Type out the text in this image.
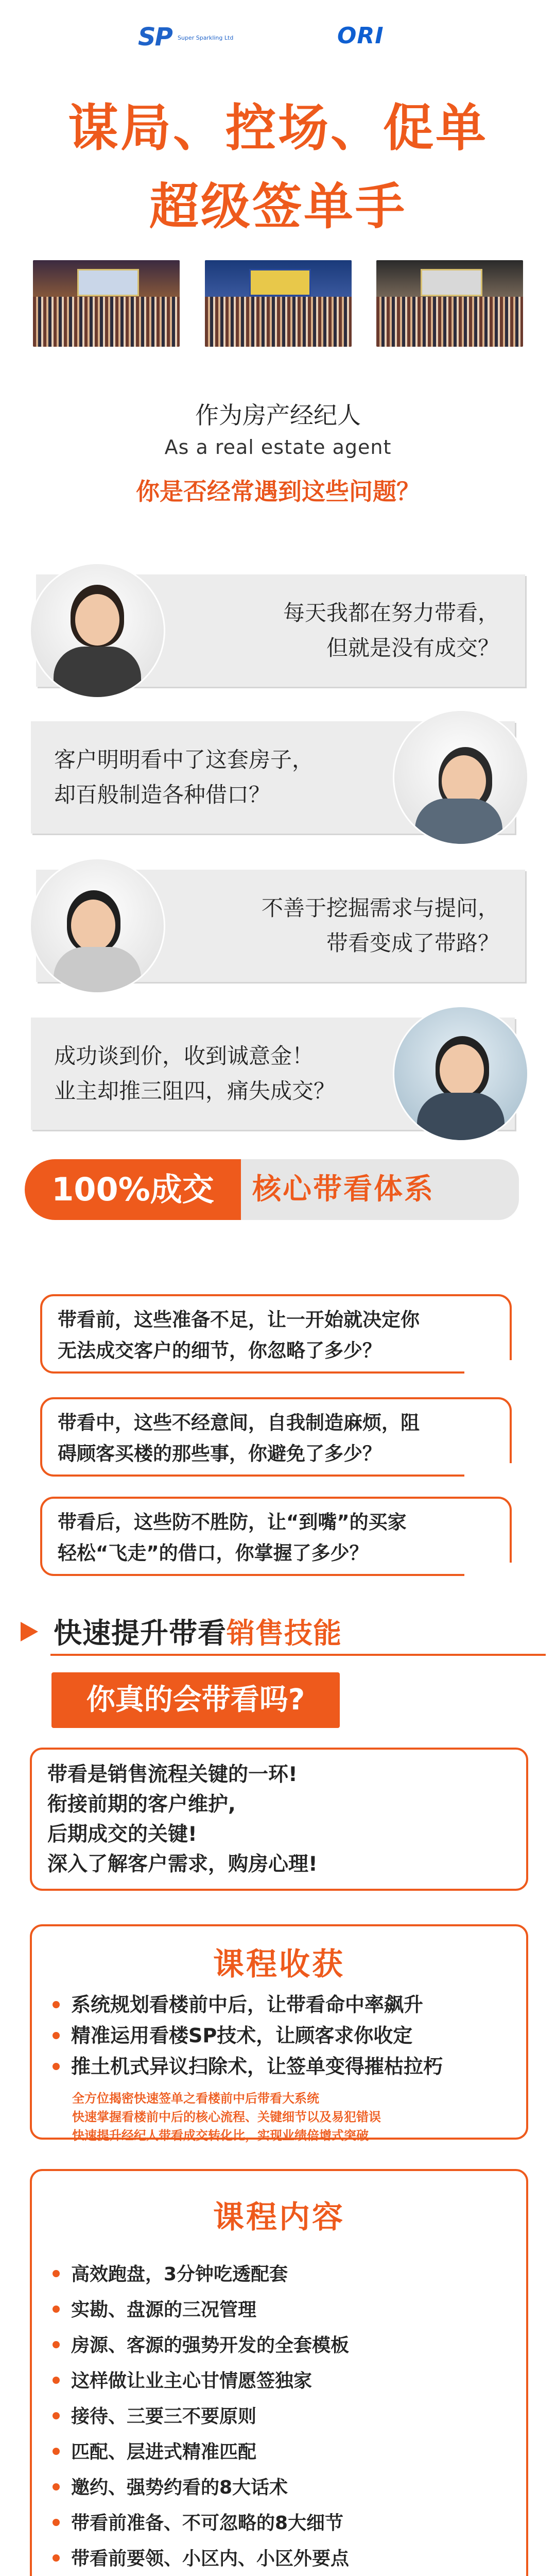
SP Super Sparkling Ltd	ORI
谋局、控场、促单
超级签单手
作为房产经纪人
As a real estate agent
你是否经常遇到这些问题？
每天我都在努力带看，
但就是没有成交？
客户明明看中了这套房子，
却百般制造各种借口？
不善于挖掘需求与提问，
带看变成了带路？
成功谈到价，收到诚意金！
业主却推三阻四，痛失成交？
核心带看体系
100%成交
带看前，这些准备不足，让一开始就决定你
无法成交客户的细节，你忽略了多少？
带看中，这些不经意间，自我制造麻烦，阻
碍顾客买楼的那些事，你避免了多少？
带看后，这些防不胜防，让“到嘴”的买家
轻松“飞走”的借口，你掌握了多少？
快速提升带看销售技能
你真的会带看吗?
带看是销售流程关键的一环!
衔接前期的客户维护,
后期成交的关键!
深入了解客户需求，购房心理!
课程收获
系统规划看楼前中后，让带看命中率飙升
精准运用看楼SP技术，让顾客求你收定
推土机式异议扫除术，让签单变得摧枯拉朽
全方位揭密快速签单之看楼前中后带看大系统
快速掌握看楼前中后的核心流程、关键细节以及易犯错误
快速提升经纪人带看成交转化比，实现业绩倍增式突破
课程内容
高效跑盘，3分钟吃透配套
实勘、盘源的三况管理
房源、客源的强势开发的全套模板
这样做让业主心甘情愿签独家
接待、三要三不要原则
匹配、层进式精准匹配
邀约、强势约看的8大话术
带看前准备、不可忽略的8大细节
带看前要领、小区内、小区外要点
